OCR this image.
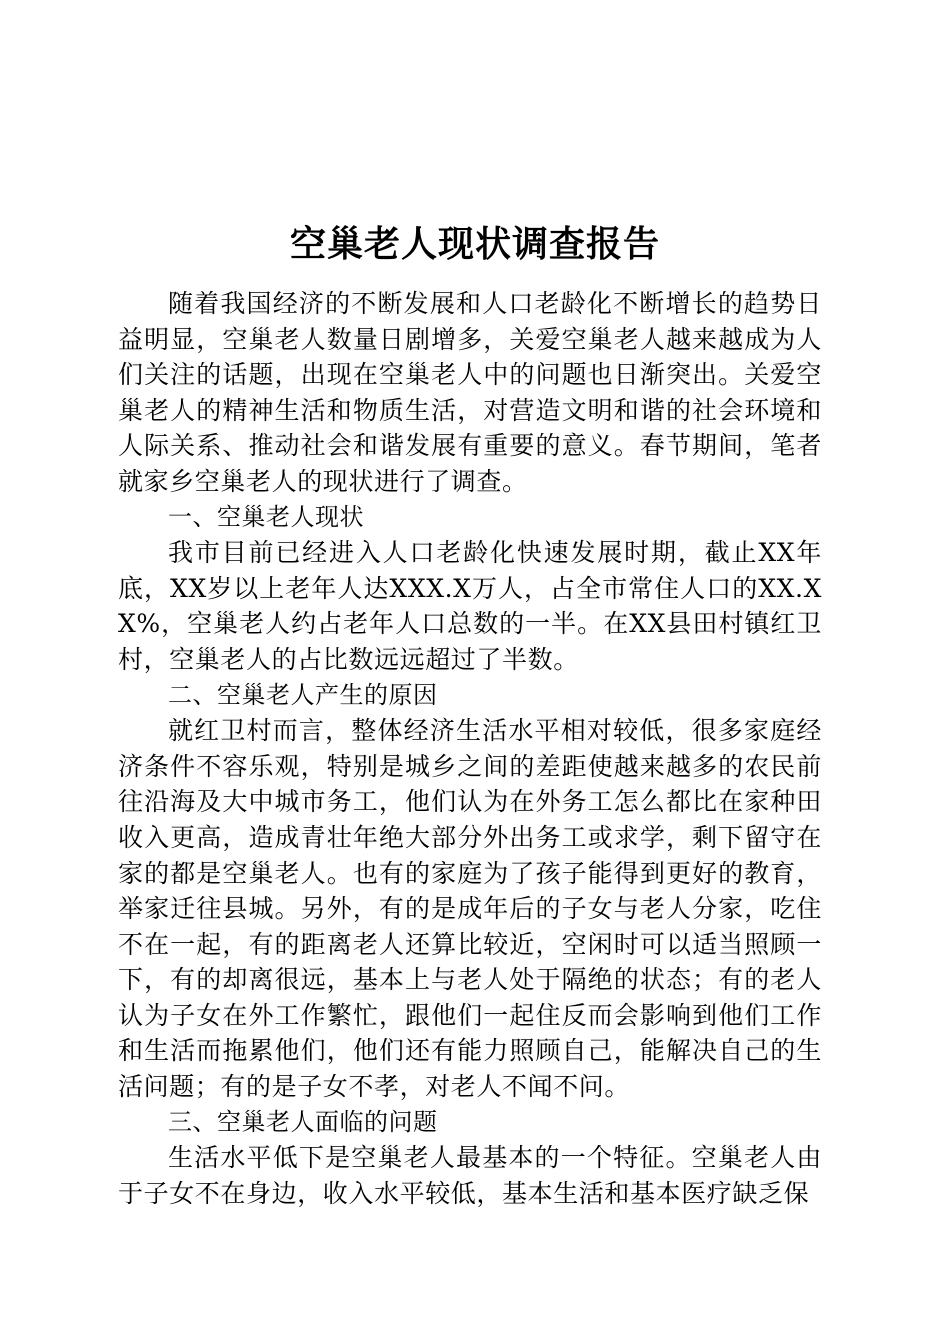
空巢老人现状调查报告

随着我国经济的不断发展和人口老龄化不断增长的趋势日益明显，空巢老人数量日剧增多，关爱空巢老人越来越成为人们关注的话题，出现在空巢老人中的问题也日渐突出。关爱空巢老人的精神生活和物质生活，对营造文明和谐的社会环境和人际关系、推动社会和谐发展有重要的意义。春节期间，笔者就家乡空巢老人的现状进行了调查。

一、空巢老人现状

我市目前已经进入人口老龄化快速发展时期，截止XX年底，XX岁以上老年人达XXX.X万人，占全市常住人口的XX.XX%，空巢老人约占老年人口总数的一半。在XX县田村镇红卫村，空巢老人的占比数远远超过了半数。

二、空巢老人产生的原因

就红卫村而言，整体经济生活水平相对较低，很多家庭经济条件不容乐观，特别是城乡之间的差距使越来越多的农民前往沿海及大中城市务工，他们认为在外务工怎么都比在家种田收入更高，造成青壮年绝大部分外出务工或求学，剩下留守在家的都是空巢老人。也有的家庭为了孩子能得到更好的教育，举家迁往县城。另外，有的是成年后的子女与老人分家，吃住不在一起，有的距离老人还算比较近，空闲时可以适当照顾一下，有的却离很远，基本上与老人处于隔绝的状态；有的老人认为子女在外工作繁忙，跟他们一起住反而会影响到他们工作和生活而拖累他们，他们还有能力照顾自己，能解决自己的生活问题；有的是子女不孝，对老人不闻不问。

三、空巢老人面临的问题

生活水平低下是空巢老人最基本的一个特征。空巢老人由于子女不在身边，收入水平较低，基本生活和基本医疗缺乏保
